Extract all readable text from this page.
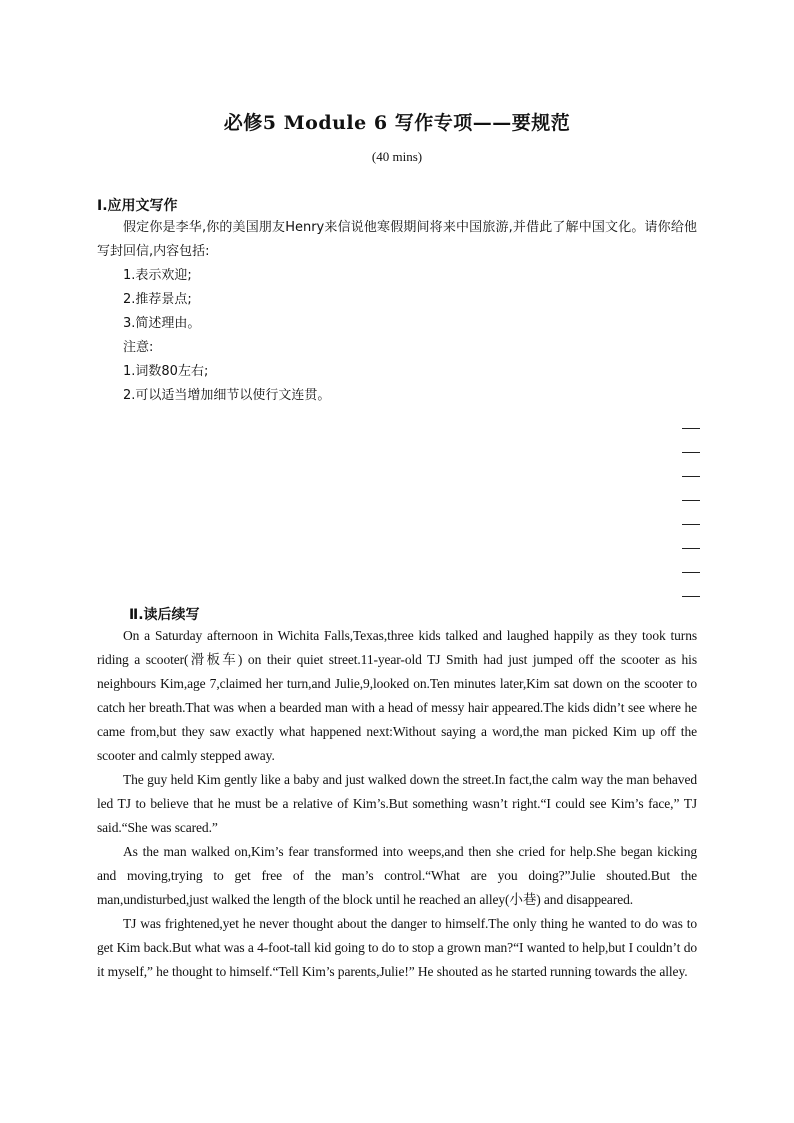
必修5 Module 6 写作专项——要规范
(40 mins)
Ⅰ.应用文写作

假定你是李华,你的美国朋友Henry来信说他寒假期间将来中国旅游,并借此了解中国文化。请你给他写封回信,内容包括:

1.表示欢迎;

2.推荐景点;

3.简述理由。

注意:

1.词数80左右;

2.可以适当增加细节以使行文连贯。

Ⅱ.读后续写

On a Saturday afternoon in Wichita Falls,Texas,three kids talked and laughed happily as they took turns riding a scooter(滑板车) on their quiet street.11-year-old TJ Smith had just jumped off the scooter as his neighbours Kim,age 7,claimed her turn,and Julie,9,looked on.Ten minutes later,Kim sat down on the scooter to catch her breath.That was when a bearded man with a head of messy hair appeared.The kids didn’t see where he came from,but they saw exactly what happened next:Without saying a word,the man picked Kim up off the scooter and calmly stepped away.

The guy held Kim gently like a baby and just walked down the street.In fact,the calm way the man behaved led TJ to believe that he must be a relative of Kim’s.But something wasn’t right.“I could see Kim’s face,” TJ said.“She was scared.”

As the man walked on,Kim’s fear transformed into weeps,and then she cried for help.She began kicking and moving,trying to get free of the man’s control.“What are you doing?”Julie shouted.But the man,undisturbed,just walked the length of the block until he reached an alley(小巷) and disappeared.

TJ was frightened,yet he never thought about the danger to himself.The only thing he wanted to do was to get Kim back.But what was a 4-foot-tall kid going to do to stop a grown man?“I wanted to help,but I couldn’t do it myself,” he thought to himself.“Tell Kim’s parents,Julie!” He shouted as he started running towards the alley.
